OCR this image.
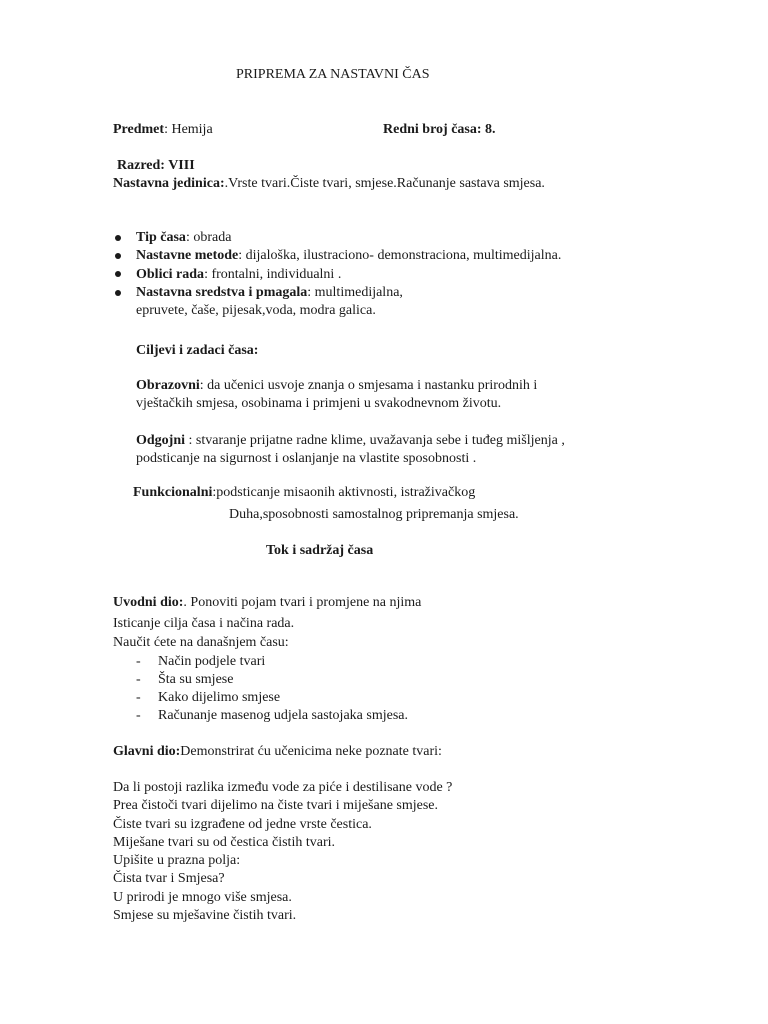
PRIPREMA ZA NASTAVNI ČAS
Predmet: Hemija	Redni broj časa: 8.
Razred: VIII
Nastavna jedinica:.Vrste tvari.Čiste tvari, smjese.Računanje sastava smjesa.
Tip časa: obrada
Nastavne metode: dijaloška, ilustraciono- demonstraciona, multimedijalna.
Oblici rada: frontalni, individualni .
Nastavna sredstva i pmagala: multimedijalna,
epruvete, čaše, pijesak,voda, modra galica.
Ciljevi i zadaci časa:
Obrazovni: da učenici usvoje znanja o smjesama i nastanku prirodnih i
vještačkih smjesa, osobinama i primjeni u svakodnevnom životu.
Odgojni : stvaranje prijatne radne klime, uvažavanja sebe i tuđeg mišljenja ,
podsticanje na sigurnost i oslanjanje na vlastite sposobnosti .
Funkcionalni:podsticanje misaonih aktivnosti, istraživačkog
Duha,sposobnosti samostalnog pripremanja smjesa.
Tok i sadržaj časa
Uvodni dio:. Ponoviti pojam tvari i promjene na njima
Isticanje cilja časa i načina rada.
Naučit ćete na današnjem času:
- Način podjele tvari
- Šta su smjese
- Kako dijelimo smjese
- Računanje masenog udjela sastojaka smjesa.
Glavni dio:Demonstrirat ću učenicima neke poznate tvari:
Da li postoji razlika između vode za piće i destilisane vode ?
Prea čistoči tvari dijelimo na čiste tvari i miješane smjese.
Čiste tvari su izgrađene od jedne vrste čestica.
Miješane tvari su od čestica čistih tvari.
Upišite u prazna polja:
Čista tvar i Smjesa?
U prirodi je mnogo više smjesa.
Smjese su mješavine čistih tvari.
